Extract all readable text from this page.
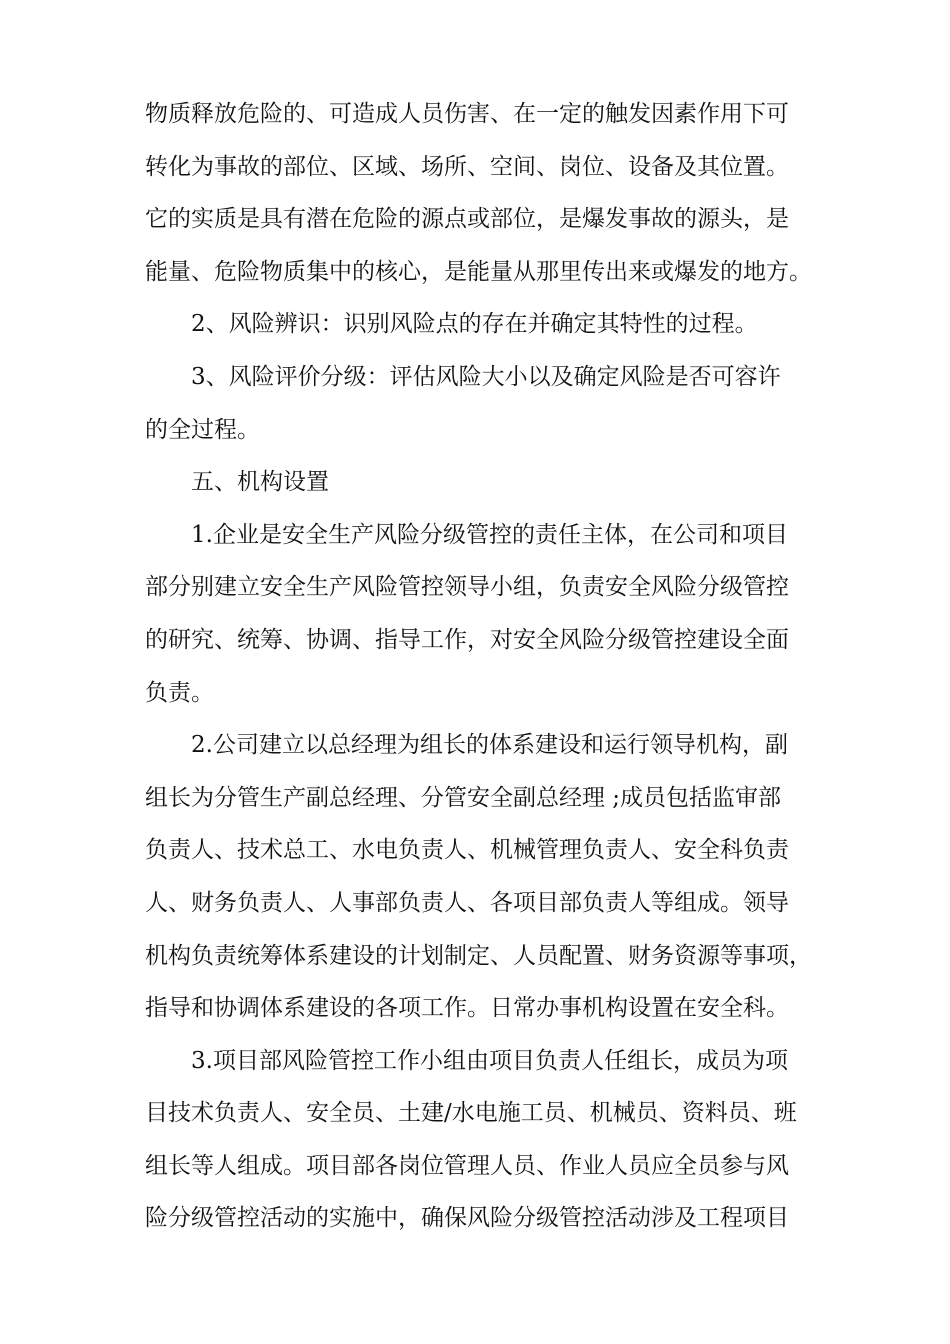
物质释放危险的、可造成人员伤害、在一定的触发因素作用下可
转化为事故的部位、区域、场所、空间、岗位、设备及其位置。
它的实质是具有潜在危险的源点或部位，是爆发事故的源头，是
能量、危险物质集中的核心，是能量从那里传出来或爆发的地方。
2、风险辨识：识别风险点的存在并确定其特性的过程。
3、风险评价分级：评估风险大小以及确定风险是否可容许
的全过程。
五、机构设置
1.企业是安全生产风险分级管控的责任主体，在公司和项目
部分别建立安全生产风险管控领导小组，负责安全风险分级管控
的研究、统筹、协调、指导工作，对安全风险分级管控建设全面
负责。
2.公司建立以总经理为组长的体系建设和运行领导机构，副
组长为分管生产副总经理、分管安全副总经理 ;成员包括监审部
负责人、技术总工、水电负责人、机械管理负责人、安全科负责
人、财务负责人、人事部负责人、各项目部负责人等组成。领导
机构负责统筹体系建设的计划制定、人员配置、财务资源等事项，
指导和协调体系建设的各项工作。日常办事机构设置在安全科。
3.项目部风险管控工作小组由项目负责人任组长，成员为项
目技术负责人、安全员、土建/水电施工员、机械员、资料员、班
组长等人组成。项目部各岗位管理人员、作业人员应全员参与风
险分级管控活动的实施中，确保风险分级管控活动涉及工程项目
